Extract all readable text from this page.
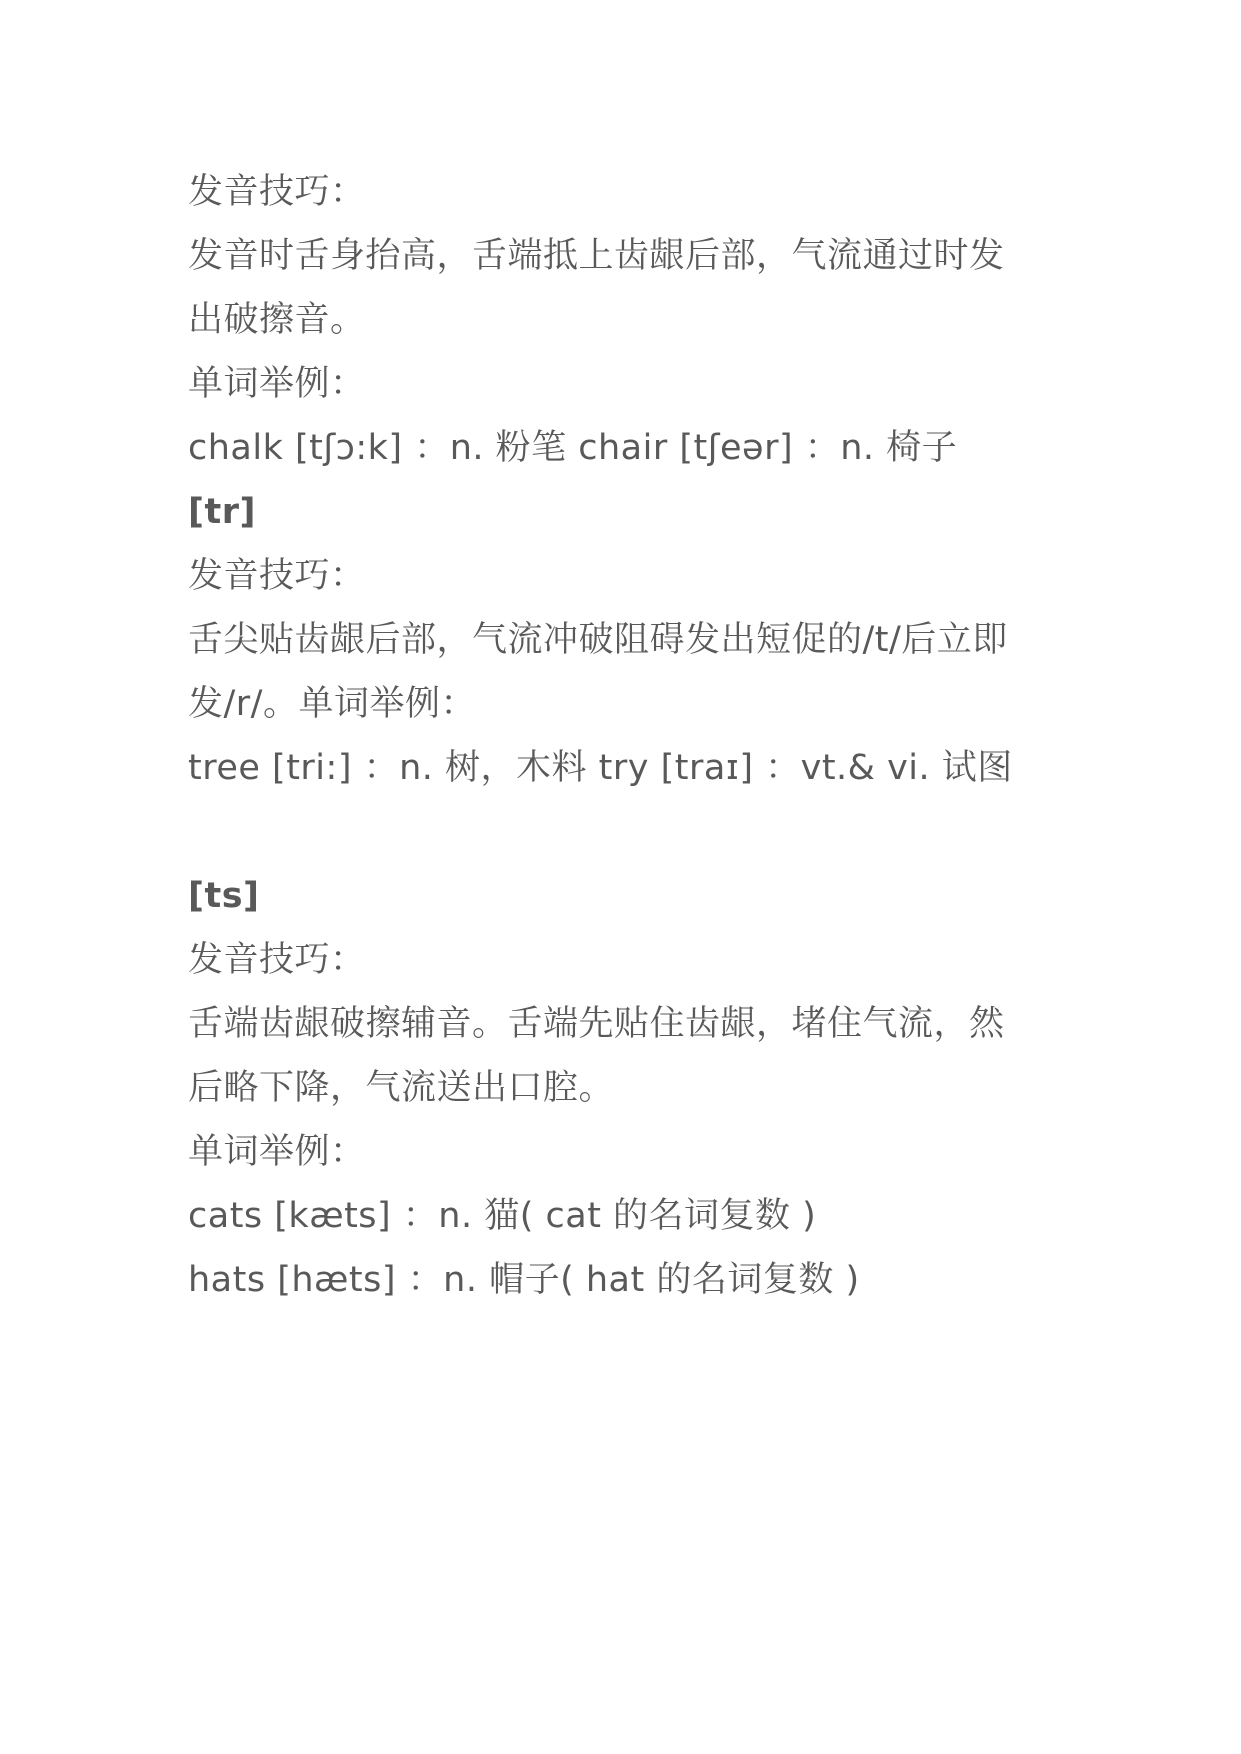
发音技巧：
发音时舌身抬高，舌端抵上齿龈后部，气流通过时发
出破擦音。
单词举例：
chalk [tʃɔ:k] ：n. 粉笔 chair [tʃeər] ：n. 椅子
[tr]
发音技巧：
舌尖贴齿龈后部，气流冲破阻碍发出短促的/t/后立即
发/r/。单词举例：
tree [tri:] ：n. 树，木料 try [traɪ] ：vt.& vi. 试图
[ts]
发音技巧：
舌端齿龈破擦辅音。舌端先贴住齿龈，堵住气流，然
后略下降，气流送出口腔。
单词举例：
cats [kæts] ：n. 猫( cat 的名词复数 )
hats [hæts] ：n. 帽子( hat 的名词复数 )
